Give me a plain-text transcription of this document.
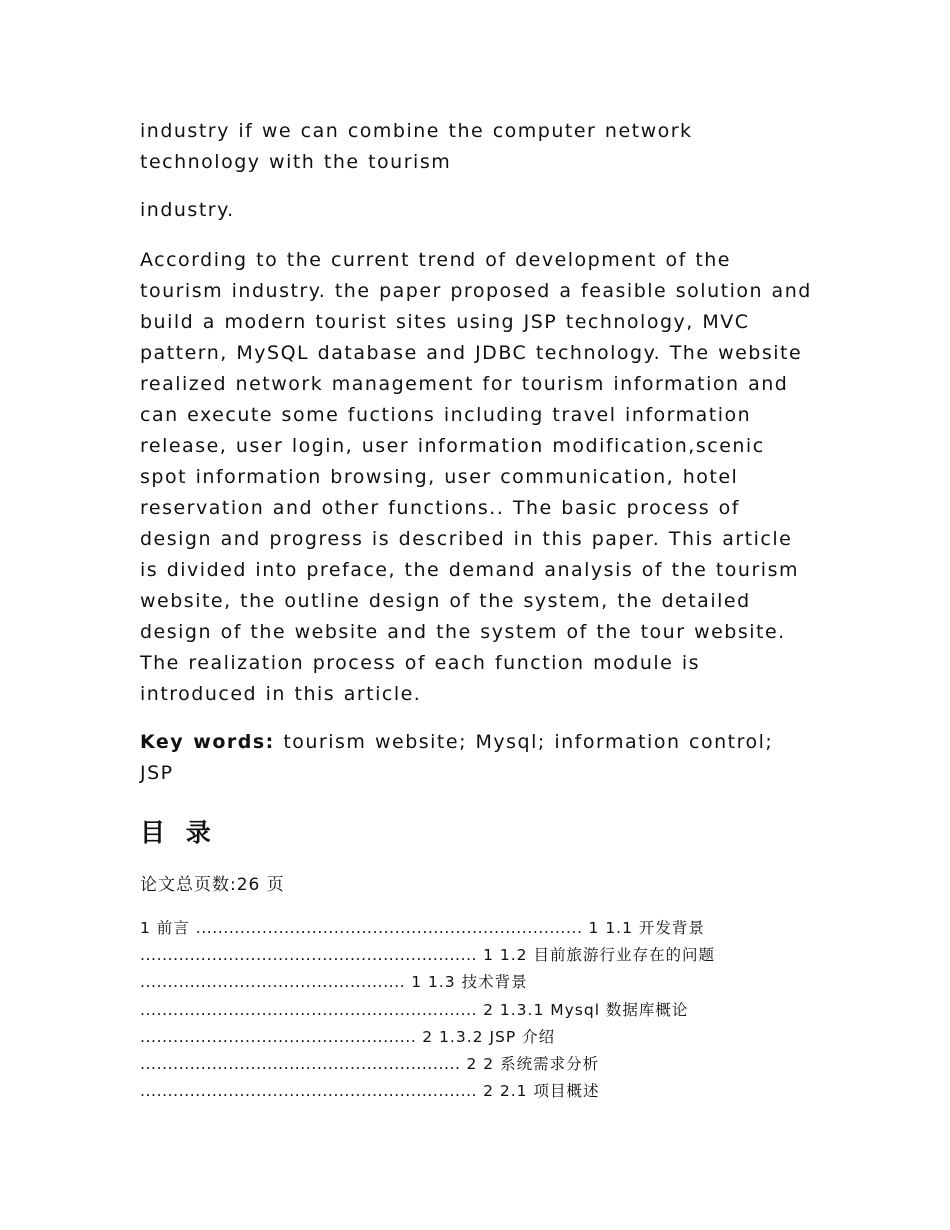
industry if we can combine the computer network technology with the tourism

industry.

According to the current trend of development of the tourism industry. the paper proposed a feasible solution and build a modern tourist sites using JSP technology, MVC pattern, MySQL database and JDBC technology. The website realized network management for tourism information and can execute some fuctions including travel information release, user login, user information modification,scenic spot information browsing, user communication, hotel reservation and other functions.. The basic process of design and progress is described in this paper. This article is divided into preface, the demand analysis of the tourism website, the outline design of the system, the detailed design of the website and the system of the tour website. The realization process of each function module is introduced in this article.

Key words: tourism website; Mysql; information control; JSP

目 录

论文总页数:26 页

1 前言 ...................................................................... 1 1.1 开发背景
............................................................. 1 1.2 目前旅游行业存在的问题
................................................ 1 1.3 技术背景
............................................................. 2 1.3.1 Mysql 数据库概论
.................................................. 2 1.3.2 JSP 介绍
.......................................................... 2 2 系统需求分析
............................................................. 2 2.1 项目概述
